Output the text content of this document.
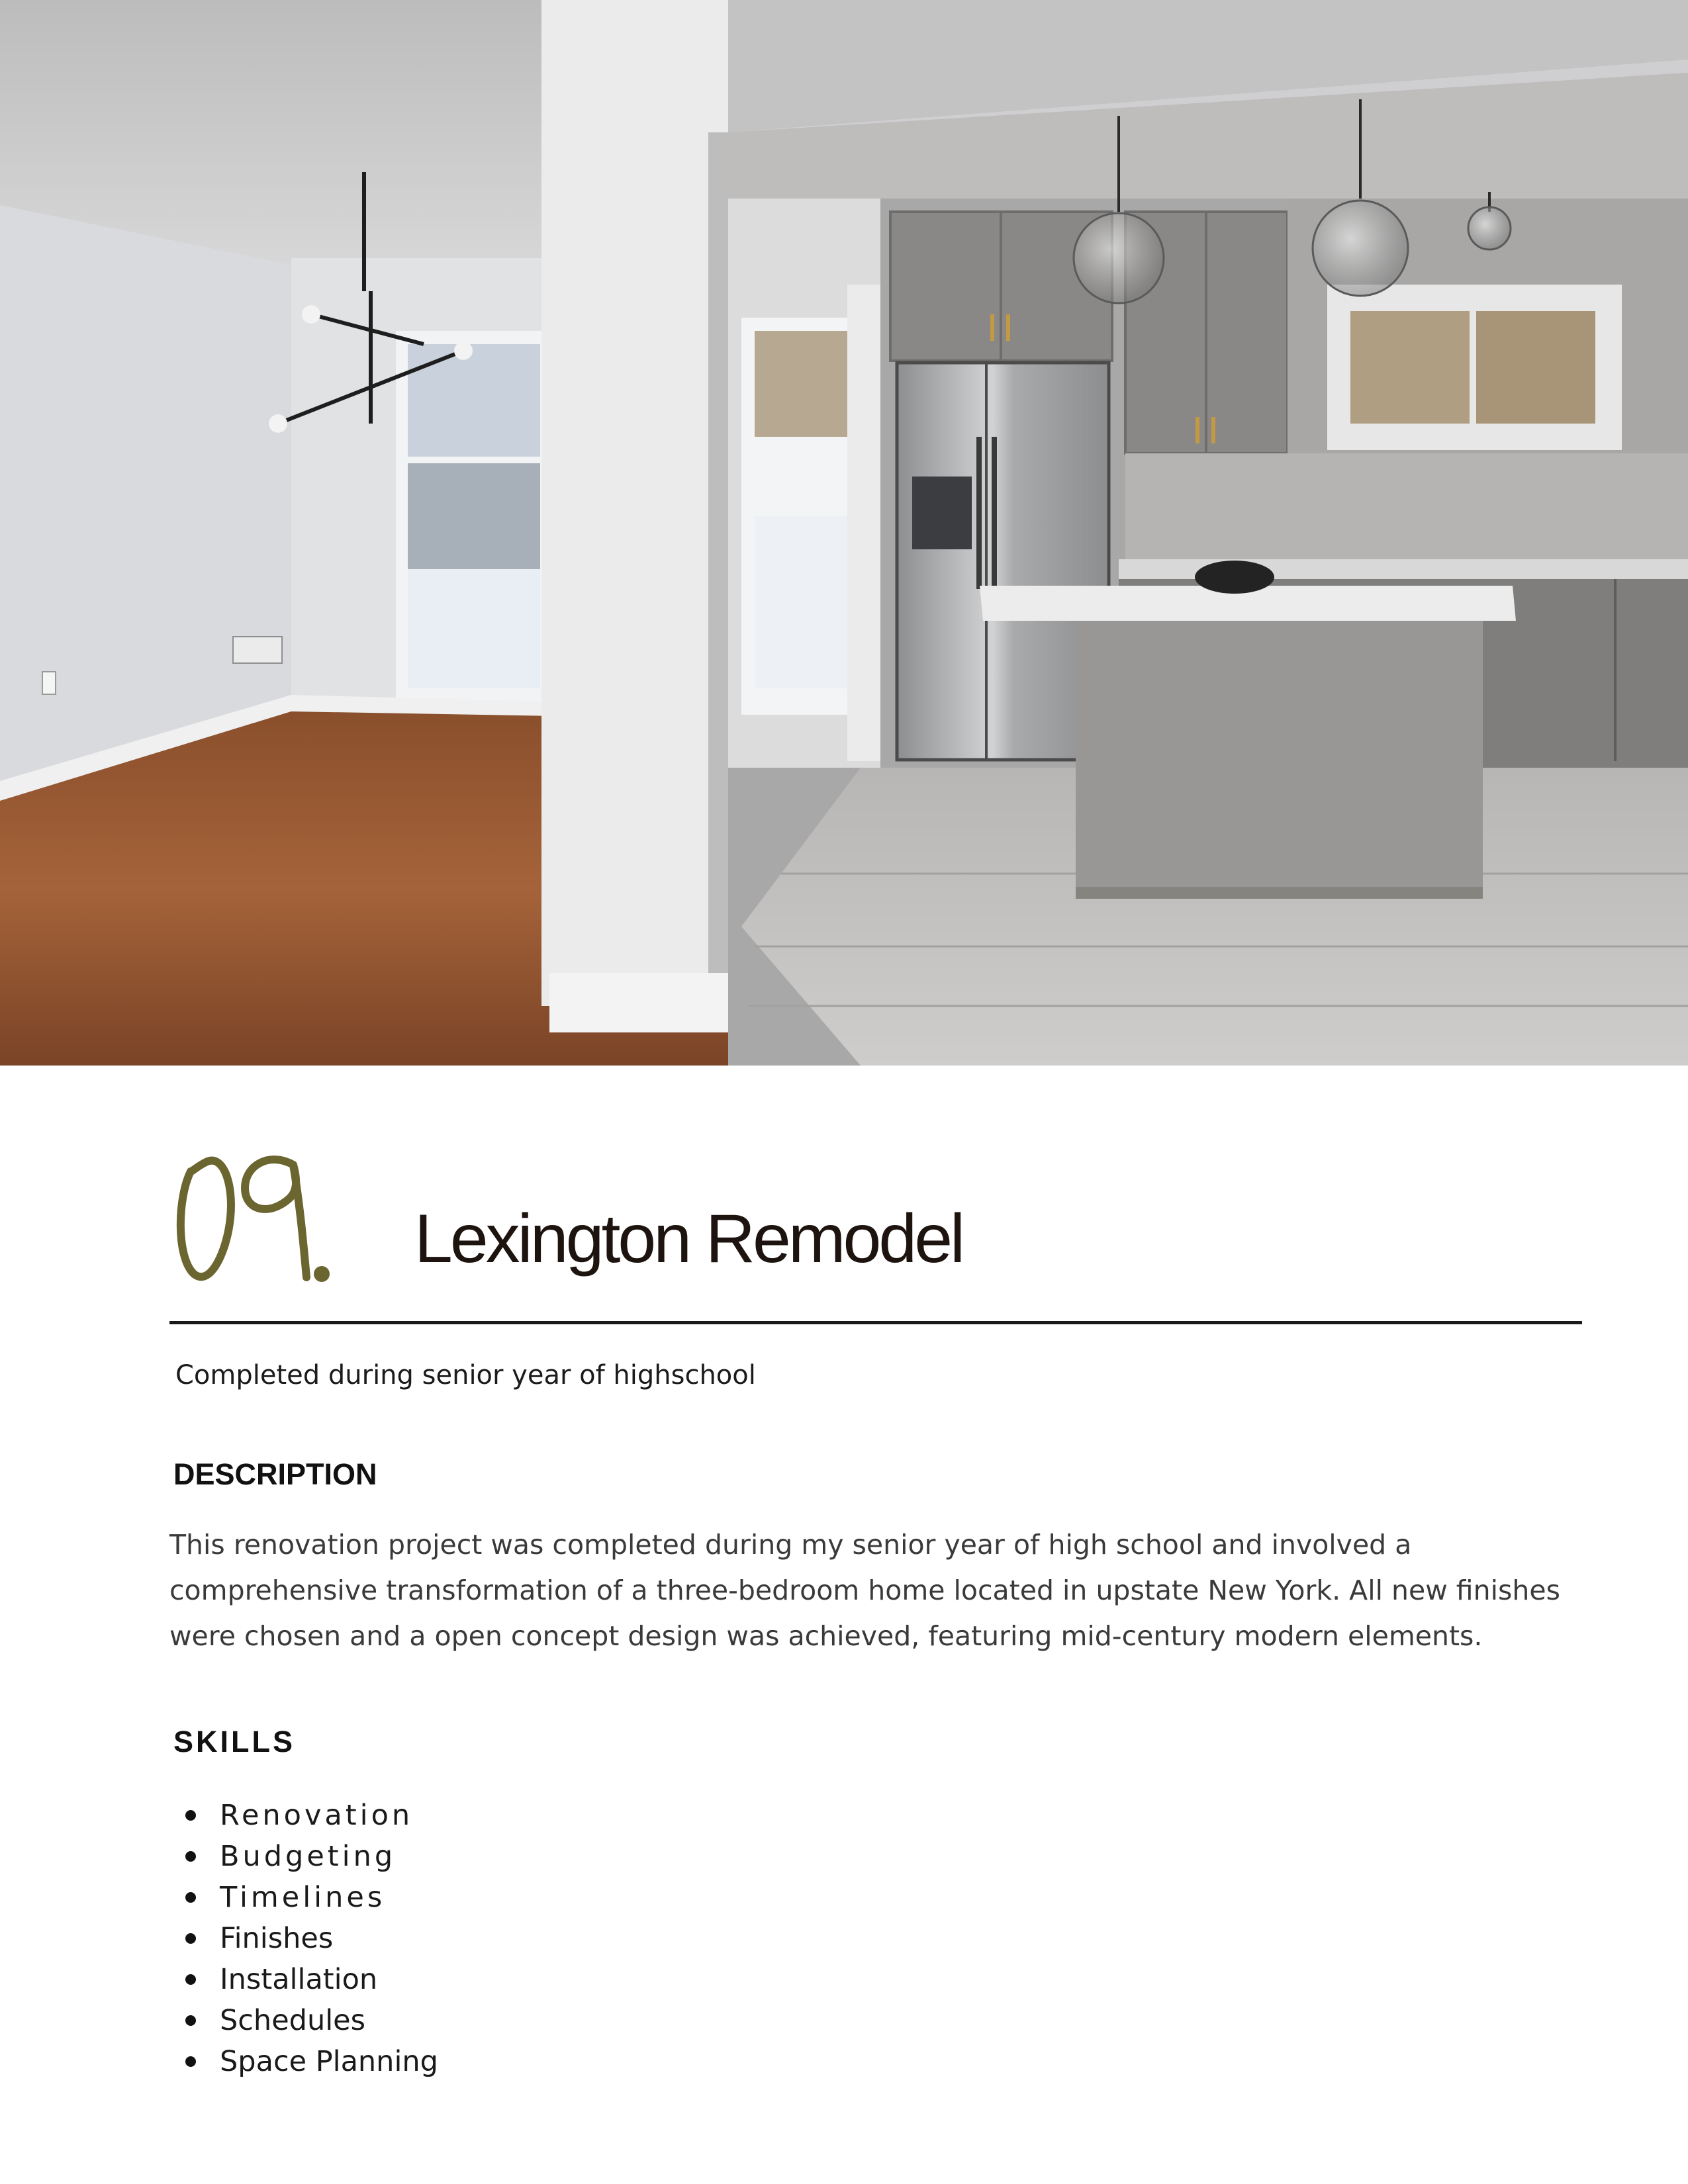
Lexington Remodel
Completed during senior year of highschool
DESCRIPTION

This renovation project was completed during my senior year of high school and involved a comprehensive transformation of a three-bedroom home located in upstate New York. All new finishes were chosen and a open concept design was achieved, featuring mid-century modern elements.

SKILLS
Renovation
Budgeting
Timelines
Finishes
Installation
Schedules
Space Planning
